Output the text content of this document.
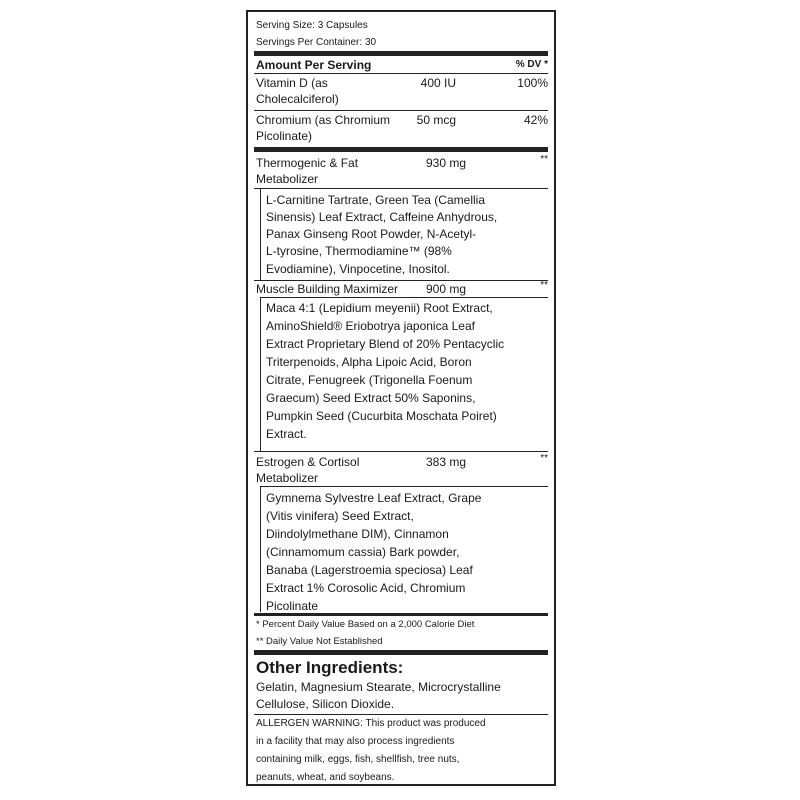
Serving Size: 3 Capsules
Servings Per Container: 30
Amount Per Serving	% DV *
Vitamin D (as
Cholecalciferol)
400 IU	100%
Chromium (as Chromium
Picolinate)
50 mcg	42%
Thermogenic & Fat
Metabolizer
930 mg	**
L-Carnitine Tartrate, Green Tea (Camellia
Sinensis) Leaf Extract, Caffeine Anhydrous,
Panax Ginseng Root Powder, N-Acetyl-
L-tyrosine, Thermodiamine™ (98%
Evodiamine), Vinpocetine, Inositol.
Muscle Building Maximizer 900 mg	**
Maca 4:1 (Lepidium meyenii) Root Extract,
AminoShield® Eriobotrya japonica Leaf
Extract Proprietary Blend of 20% Pentacyclic
Triterpenoids, Alpha Lipoic Acid, Boron
Citrate, Fenugreek (Trigonella Foenum
Graecum) Seed Extract 50% Saponins,
Pumpkin Seed (Cucurbita Moschata Poiret)
Extract.
Estrogen & Cortisol
Metabolizer
383 mg	**
Gymnema Sylvestre Leaf Extract, Grape
(Vitis vinifera) Seed Extract,
Diindolylmethane DIM), Cinnamon
(Cinnamomum cassia) Bark powder,
Banaba (Lagerstroemia speciosa) Leaf
Extract 1% Corosolic Acid, Chromium
Picolinate
* Percent Daily Value Based on a 2,000 Calorie Diet
** Daily Value Not Established
Other Ingredients:
Gelatin, Magnesium Stearate, Microcrystalline
Cellulose, Silicon Dioxide.
ALLERGEN WARNING: This product was produced
in a facility that may also process ingredients
containing milk, eggs, fish, shellfish, tree nuts,
peanuts, wheat, and soybeans.
